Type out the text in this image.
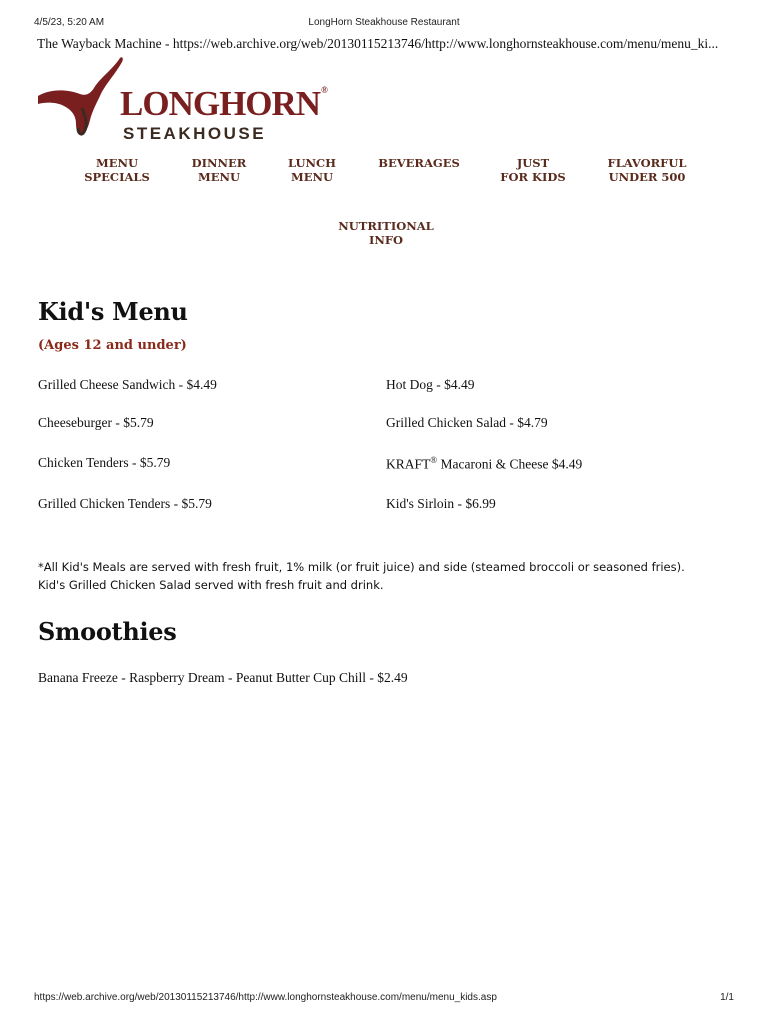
4/5/23, 5:20 AM	LongHorn Steakhouse Restaurant
The Wayback Machine - https://web.archive.org/web/20130115213746/http://www.longhornsteakhouse.com/menu/menu_ki...
LONGHORN®
STEAKHOUSE
MENU
SPECIALS
DINNER
MENU
LUNCH
MENU
BEVERAGES	JUST
FOR KIDS
FLAVORFUL
UNDER 500
NUTRITIONAL
INFO
Kid's Menu
(Ages 12 and under)
Grilled Cheese Sandwich - $4.49
Cheeseburger - $5.79
Chicken Tenders - $5.79
Grilled Chicken Tenders - $5.79
Hot Dog - $4.49
Grilled Chicken Salad - $4.79
KRAFT® Macaroni & Cheese $4.49
Kid's Sirloin - $6.99
*All Kid's Meals are served with fresh fruit, 1% milk (or fruit juice) and side (steamed broccoli or seasoned fries).
Kid's Grilled Chicken Salad served with fresh fruit and drink.
Smoothies
Banana Freeze - Raspberry Dream - Peanut Butter Cup Chill - $2.49
https://web.archive.org/web/20130115213746/http://www.longhornsteakhouse.com/menu/menu_kids.asp	1/1
